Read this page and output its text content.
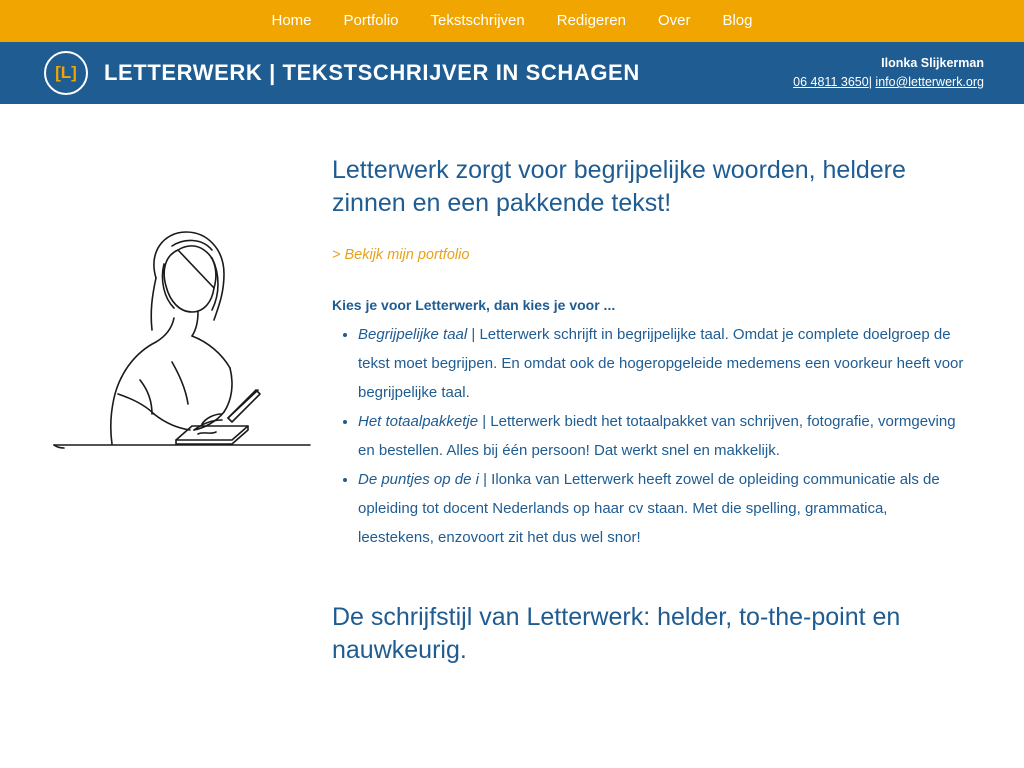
Home	Portfolio	Tekstschrijven	Redigeren	Over	Blog
[L] LETTERWERK | TEKSTSCHRIJVER IN SCHAGEN	Ilonka Slijkerman
06 4811 3650| info@letterwerk.org
Letterwerk zorgt voor begrijpelijke woorden, heldere zinnen en een pakkende tekst!
> Bekijk mijn portfolio

Kies je voor Letterwerk, dan kies je voor ...

• Begrijpelijke taal | Letterwerk schrijft in begrijpelijke taal. Omdat je complete doelgroep de tekst moet begrijpen. En omdat ook de hogeropgeleide medemens een voorkeur heeft voor begrijpelijke taal.
• Het totaalpakketje | Letterwerk biedt het totaalpakket van schrijven, fotografie, vormgeving en bestellen. Alles bij één persoon! Dat werkt snel en makkelijk.
• De puntjes op de i | Ilonka van Letterwerk heeft zowel de opleiding communicatie als de opleiding tot docent Nederlands op haar cv staan. Met die spelling, grammatica, leestekens, enzovoort zit het dus wel snor!
De schrijfstijl van Letterwerk: helder, to-the-point en nauwkeurig.
